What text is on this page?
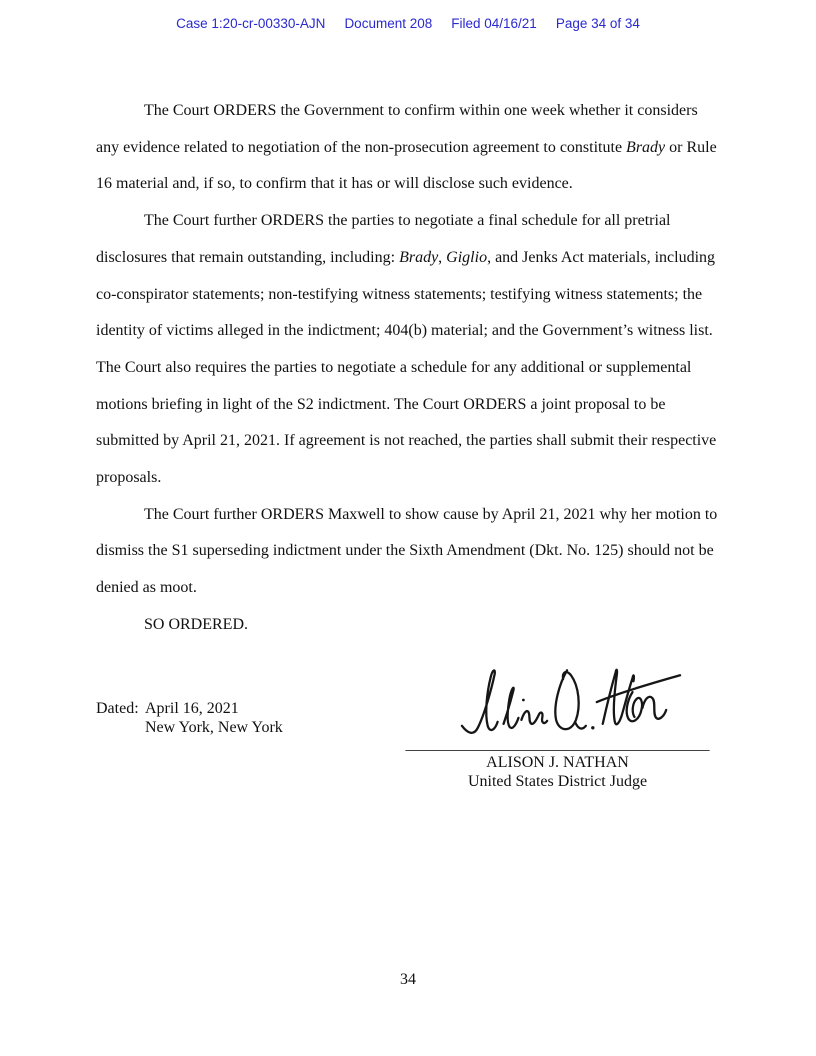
Case 1:20-cr-00330-AJN Document 208 Filed 04/16/21 Page 34 of 34

The Court ORDERS the Government to confirm within one week whether it considers any evidence related to negotiation of the non-prosecution agreement to constitute Brady or Rule 16 material and, if so, to confirm that it has or will disclose such evidence.

The Court further ORDERS the parties to negotiate a final schedule for all pretrial disclosures that remain outstanding, including: Brady, Giglio, and Jenks Act materials, including co-conspirator statements; non-testifying witness statements; testifying witness statements; the identity of victims alleged in the indictment; 404(b) material; and the Government’s witness list. The Court also requires the parties to negotiate a schedule for any additional or supplemental motions briefing in light of the S2 indictment. The Court ORDERS a joint proposal to be submitted by April 21, 2021. If agreement is not reached, the parties shall submit their respective proposals.

The Court further ORDERS Maxwell to show cause by April 21, 2021 why her motion to dismiss the S1 superseding indictment under the Sixth Amendment (Dkt. No. 125) should not be denied as moot.

SO ORDERED.

Dated: April 16, 2021
New York, New York
______________________________________
ALISON J. NATHAN
United States District Judge
34
